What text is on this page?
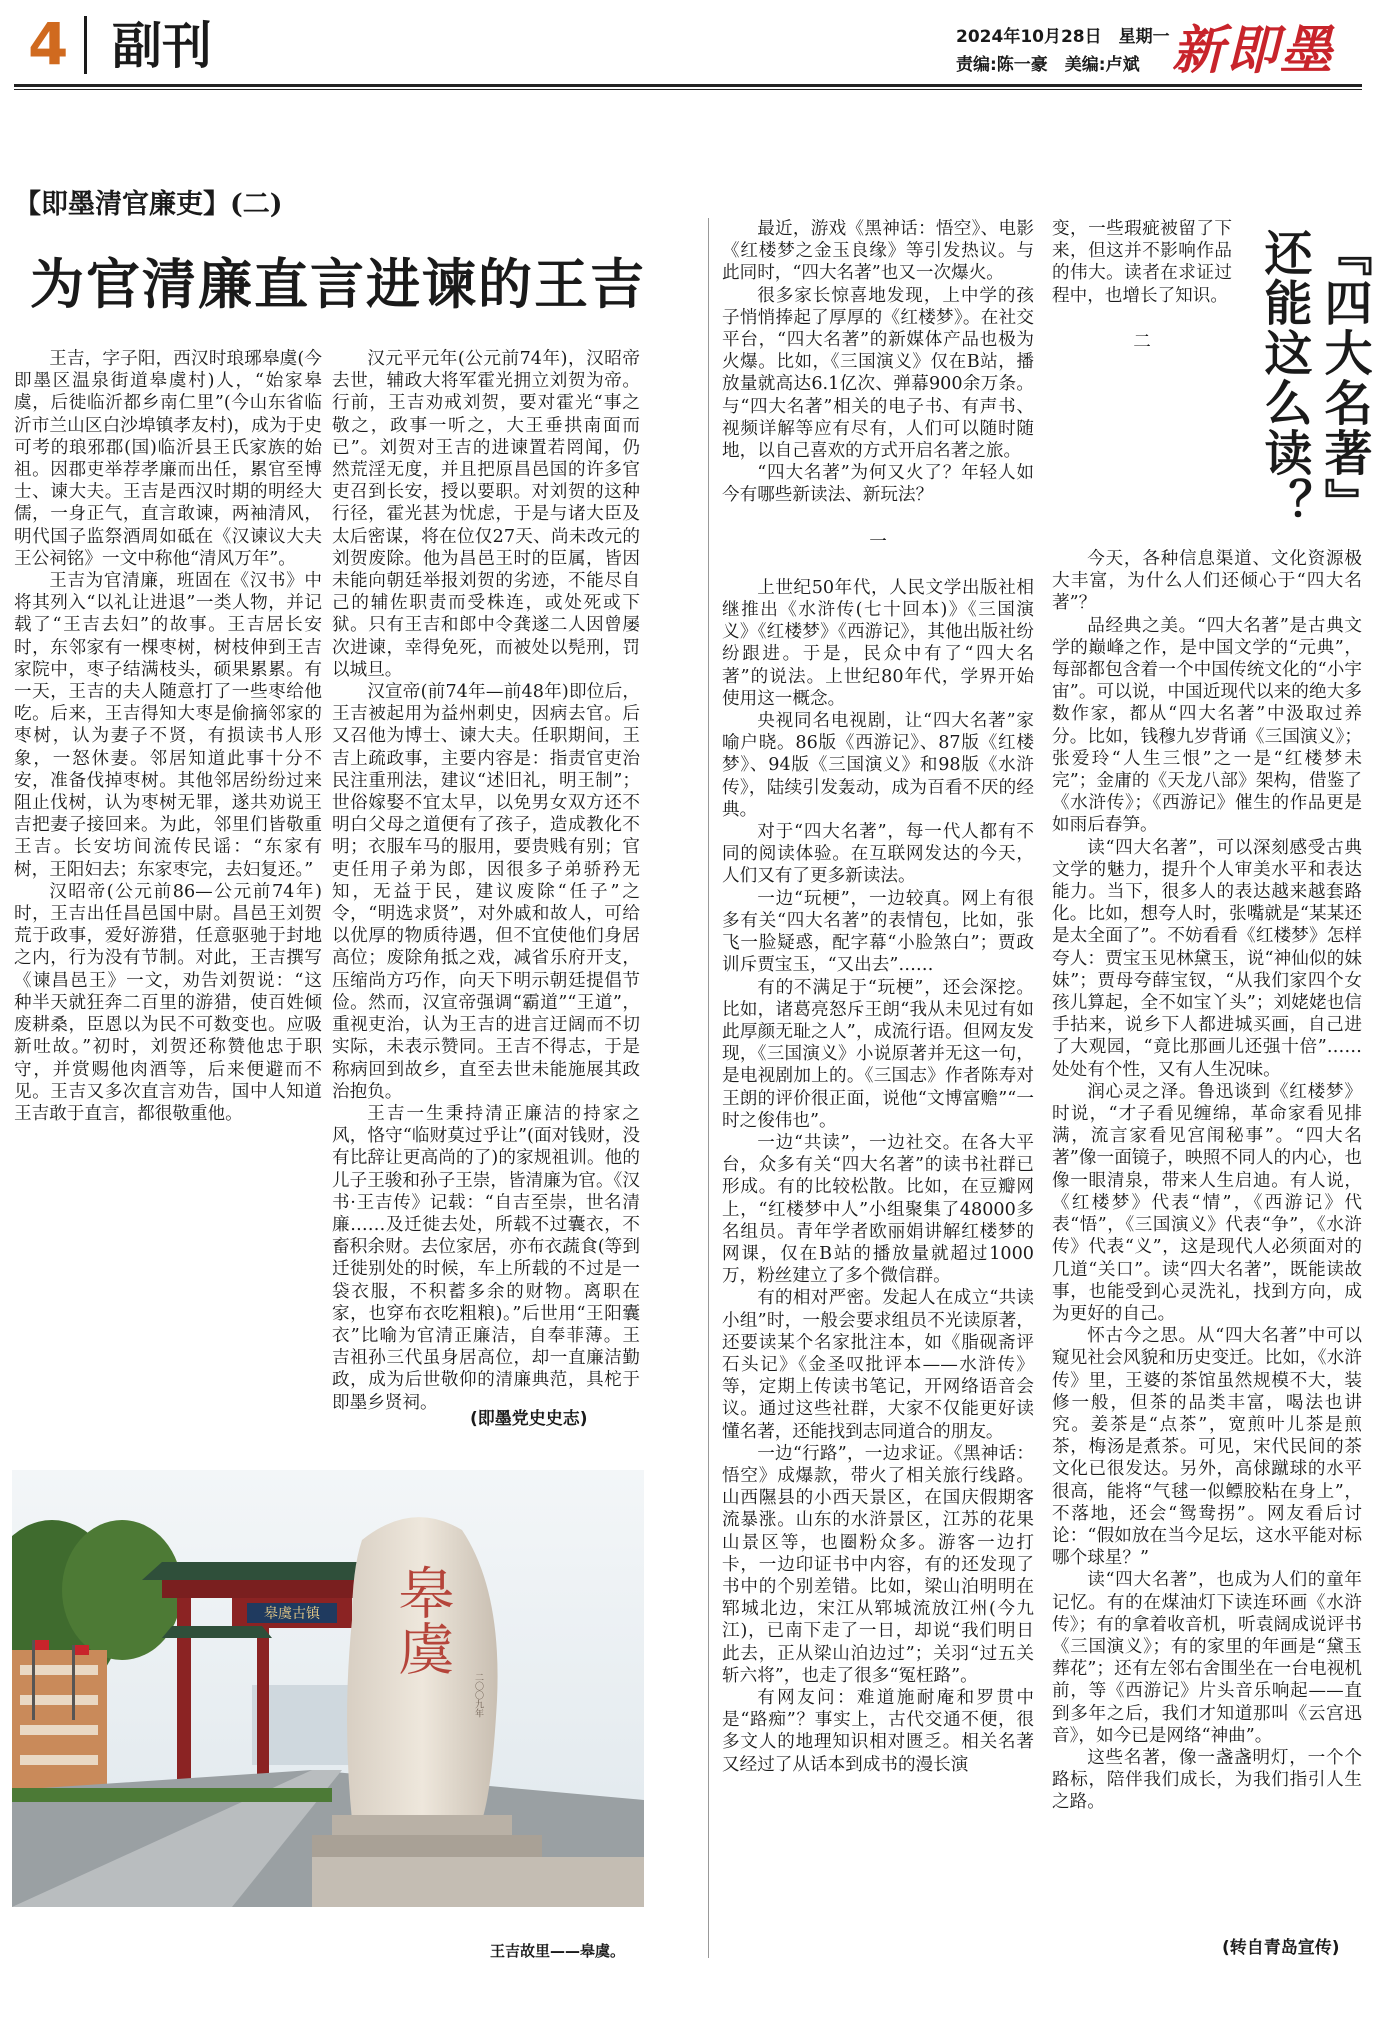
4 副刊	2024年10月28日　星期一
责编:陈一豪　美编:卢斌 新即墨
【即墨清官廉吏】(二)
为官清廉直言进谏的王吉

王吉，字子阳，西汉时琅琊皋虞(今即墨区温泉街道皋虞村)人，“始家皋虞，后徙临沂都乡南仁里”(今山东省临沂市兰山区白沙埠镇孝友村)，成为于史可考的琅邪郡(国)临沂县王氏家族的始祖。因郡吏举荐孝廉而出任，累官至博士、谏大夫。王吉是西汉时期的明经大儒，一身正气，直言敢谏，两袖清风，明代国子监祭酒周如砥在《汉谏议大夫王公祠铭》一文中称他“清风万年”。

王吉为官清廉，班固在《汉书》中将其列入“以礼让进退”一类人物，并记载了“王吉去妇”的故事。王吉居长安时，东邻家有一棵枣树，树枝伸到王吉家院中，枣子结满枝头，硕果累累。有一天，王吉的夫人随意打了一些枣给他吃。后来，王吉得知大枣是偷摘邻家的枣树，认为妻子不贤，有损读书人形象，一怒休妻。邻居知道此事十分不安，准备伐掉枣树。其他邻居纷纷过来阻止伐树，认为枣树无罪，遂共劝说王吉把妻子接回来。为此，邻里们皆敬重王吉。长安坊间流传民谣：“东家有树，王阳妇去；东家枣完，去妇复还。”

汉昭帝(公元前86—公元前74年)时，王吉出任昌邑国中尉。昌邑王刘贺荒于政事，爱好游猎，任意驱驰于封地之内，行为没有节制。对此，王吉撰写《谏昌邑王》一文，劝告刘贺说：“这种半天就狂奔二百里的游猎，使百姓倾废耕桑，臣恩以为民不可数变也。应吸新吐故。”初时，刘贺还称赞他忠于职守，并赏赐他肉酒等，后来便避而不见。王吉又多次直言劝告，国中人知道王吉敢于直言，都很敬重他。

汉元平元年(公元前74年)，汉昭帝去世，辅政大将军霍光拥立刘贺为帝。行前，王吉劝戒刘贺，要对霍光“事之敬之，政事一听之，大王垂拱南面而已”。刘贺对王吉的进谏置若罔闻，仍然荒淫无度，并且把原昌邑国的许多官吏召到长安，授以要职。对刘贺的这种行径，霍光甚为忧虑，于是与诸大臣及太后密谋，将在位仅27天、尚未改元的刘贺废除。他为昌邑王时的臣属，皆因未能向朝廷举报刘贺的劣迹，不能尽自己的辅佐职责而受株连，或处死或下狱。只有王吉和郎中令龚遂二人因曾屡次进谏，幸得免死，而被处以髡刑，罚以城旦。

汉宣帝(前74年—前48年)即位后，王吉被起用为益州刺史，因病去官。后又召他为博士、谏大夫。任职期间，王吉上疏政事，主要内容是：指责官吏治民注重刑法，建议“述旧礼，明王制”；世俗嫁娶不宜太早，以免男女双方还不明白父母之道便有了孩子，造成教化不明；衣服车马的服用，要贵贱有别；官吏任用子弟为郎，因很多子弟骄矜无知，无益于民，建议废除“任子”之令，“明选求贤”，对外戚和故人，可给以优厚的物质待遇，但不宜使他们身居高位；废除角抵之戏，减省乐府开支，压缩尚方巧作，向天下明示朝廷提倡节俭。然而，汉宣帝强调“霸道”“王道”，重视吏治，认为王吉的进言迂阔而不切实际，未表示赞同。王吉不得志，于是称病回到故乡，直至去世未能施展其政治抱负。

王吉一生秉持清正廉洁的持家之风，恪守“临财莫过乎让”(面对钱财，没有比辞让更高尚的了)的家规祖训。他的儿子王骏和孙子王崇，皆清廉为官。《汉书·王吉传》记载：“自吉至崇，世名清廉……及迁徙去处，所载不过囊衣，不畜积余财。去位家居，亦布衣蔬食(等到迁徙别处的时候，车上所载的不过是一袋衣服，不积蓄多余的财物。离职在家，也穿布衣吃粗粮)。”后世用“王阳囊衣”比喻为官清正廉洁，自奉菲薄。王吉祖孙三代虽身居高位，却一直廉洁勤政，成为后世敬仰的清廉典范，具柁于即墨乡贤祠。

(即墨党史史志)
皋虞古镇 皋虞
二〇〇九年
王吉故里——皋虞。

最近，游戏《黑神话：悟空》、电影《红楼梦之金玉良缘》等引发热议。与此同时，“四大名著”也又一次爆火。

很多家长惊喜地发现，上中学的孩子悄悄捧起了厚厚的《红楼梦》。在社交平台，“四大名著”的新媒体产品也极为火爆。比如，《三国演义》仅在B站，播放量就高达6.1亿次、弹幕900余万条。与“四大名著”相关的电子书、有声书、视频详解等应有尽有，人们可以随时随地，以自己喜欢的方式开启名著之旅。

“四大名著”为何又火了？年轻人如今有哪些新读法、新玩法？

一

上世纪50年代，人民文学出版社相继推出《水浒传(七十回本)》《三国演义》《红楼梦》《西游记》，其他出版社纷纷跟进。于是，民众中有了“四大名著”的说法。上世纪80年代，学界开始使用这一概念。

央视同名电视剧，让“四大名著”家喻户晓。86版《西游记》、87版《红楼梦》、94版《三国演义》和98版《水浒传》，陆续引发轰动，成为百看不厌的经典。

对于“四大名著”，每一代人都有不同的阅读体验。在互联网发达的今天，人们又有了更多新读法。

一边“玩梗”，一边较真。网上有很多有关“四大名著”的表情包，比如，张飞一脸疑惑，配字幕“小脸煞白”；贾政训斥贾宝玉，“又出去”……

有的不满足于“玩梗”，还会深挖。比如，诸葛亮怒斥王朗“我从未见过有如此厚颜无耻之人”，成流行语。但网友发现，《三国演义》小说原著并无这一句，是电视剧加上的。《三国志》作者陈寿对王朗的评价很正面，说他“文博富赡”“一时之俊伟也”。

一边“共读”，一边社交。在各大平台，众多有关“四大名著”的读书社群已形成。有的比较松散。比如，在豆瓣网上，“红楼梦中人”小组聚集了48000多名组员。青年学者欧丽娟讲解红楼梦的网课，仅在B站的播放量就超过1000万，粉丝建立了多个微信群。

有的相对严密。发起人在成立“共读小组”时，一般会要求组员不光读原著，还要读某个名家批注本，如《脂砚斋评石头记》《金圣叹批评本——水浒传》等，定期上传读书笔记，开网络语音会议。通过这些社群，大家不仅能更好读懂名著，还能找到志同道合的朋友。

一边“行路”，一边求证。《黑神话：悟空》成爆款，带火了相关旅行线路。山西隰县的小西天景区，在国庆假期客流暴涨。山东的水浒景区，江苏的花果山景区等，也圈粉众多。游客一边打卡，一边印证书中内容，有的还发现了书中的个别差错。比如，梁山泊明明在郓城北边，宋江从郓城流放江州(今九江)，已南下走了一日，却说“我们明日此去，正从梁山泊边过”；关羽“过五关斩六将”，也走了很多“冤枉路”。

有网友问：难道施耐庵和罗贯中是“路痴”？事实上，古代交通不便，很多文人的地理知识相对匮乏。相关名著又经过了从话本到成书的漫长演

变，一些瑕疵被留了下来，但这并不影响作品的伟大。读者在求证过程中，也增长了知识。

二	『四大名著』还能这么读？

今天，各种信息渠道、文化资源极大丰富，为什么人们还倾心于“四大名著”？

品经典之美。“四大名著”是古典文学的巅峰之作，是中国文学的“元典”，每部都包含着一个中国传统文化的“小宇宙”。可以说，中国近现代以来的绝大多数作家，都从“四大名著”中汲取过养分。比如，钱穆九岁背诵《三国演义》；张爱玲“人生三恨”之一是“红楼梦未完”；金庸的《天龙八部》架构，借鉴了《水浒传》；《西游记》催生的作品更是如雨后春笋。

读“四大名著”，可以深刻感受古典文学的魅力，提升个人审美水平和表达能力。当下，很多人的表达越来越套路化。比如，想夸人时，张嘴就是“某某还是太全面了”。不妨看看《红楼梦》怎样夸人：贾宝玉见林黛玉，说“神仙似的妹妹”；贾母夸薛宝钗，“从我们家四个女孩儿算起，全不如宝丫头”；刘姥姥也信手拈来，说乡下人都进城买画，自己进了大观园，“竟比那画儿还强十倍”……处处有个性，又有人生况味。

润心灵之泽。鲁迅谈到《红楼梦》时说，“才子看见缠绵，革命家看见排满，流言家看见宫闱秘事”。“四大名著”像一面镜子，映照不同人的内心，也像一眼清泉，带来人生启迪。有人说，《红楼梦》代表“情”，《西游记》代表“悟”，《三国演义》代表“争”，《水浒传》代表“义”，这是现代人必须面对的几道“关口”。读“四大名著”，既能读故事，也能受到心灵洗礼，找到方向，成为更好的自己。

怀古今之思。从“四大名著”中可以窥见社会风貌和历史变迁。比如，《水浒传》里，王婆的茶馆虽然规模不大，装修一般，但茶的品类丰富，喝法也讲究。姜茶是“点茶”，宽煎叶儿茶是煎茶，梅汤是煮茶。可见，宋代民间的茶文化已很发达。另外，高俅蹴球的水平很高，能将“气毬一似鳔胶粘在身上”，不落地，还会“鸳鸯拐”。网友看后讨论：“假如放在当今足坛，这水平能对标哪个球星？”

读“四大名著”，也成为人们的童年记忆。有的在煤油灯下读连环画《水浒传》；有的拿着收音机，听袁阔成说评书《三国演义》；有的家里的年画是“黛玉葬花”；还有左邻右舍围坐在一台电视机前，等《西游记》片头音乐响起——直到多年之后，我们才知道那叫《云宫迅音》，如今已是网络“神曲”。

这些名著，像一盏盏明灯，一个个路标，陪伴我们成长，为我们指引人生之路。

(转自青岛宣传)
